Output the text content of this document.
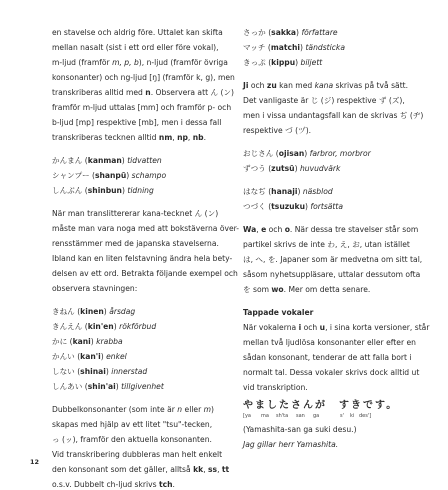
en stavelse och aldrig före. Uttalet kan skifta
mellan nasalt (sist i ett ord eller före vokal),
m-ljud (framför m, p, b), n-ljud (framför övriga
konsonanter) och ng-ljud [ŋ] (framför k, g), men
transkriberas alltid med n. Observera att ん (ン)
framför m-ljud uttalas [mm] och framför p- och
b-ljud [mp] respektive [mb], men i dessa fall
transkriberas tecknen alltid nm, np, nb.
かんまん (kanman) tidvatten
シャンプー (shanpū) schampo
しんぶん (shinbun) tidning
När man translittererar kana-tecknet ん (ン)
måste man vara noga med att bokstäverna över-
rensstämmer med de japanska stavelserna.
Ibland kan en liten felstavning ändra hela bety-
delsen av ett ord. Betrakta följande exempel och
observera stavningen:
きねん (kinen) årsdag
きんえん (kin'en) rökförbud
かに (kani) krabba
かんい (kan'i) enkel
しない (shinai) innerstad
しんあい (shin'ai) tillgivenhet
Dubbelkonsonanter (som inte är n eller m)
skapas med hjälp av ett litet "tsu"-tecken,
っ (ッ), framför den aktuella konsonanten.
Vid transkribering dubbleras man helt enkelt
den konsonant som det gäller, alltså kk, ss, tt
o.s.v. Dubbelt ch-ljud skrivs tch.
やましたさんが　すきです。
[ya ma sh'ta san ga	s' ki des']
さっか (sakka) författare
マッチ (matchi) tändsticka
きっぷ (kippu) biljett
Ji och zu kan med kana skrivas på två sätt.
Det vanligaste är じ (ジ) respektive ず (ズ),
men i vissa undantagsfall kan de skrivas ぢ (ヂ)
respektive づ (ヅ).
おじさん (ojisan) farbror, morbror
ずつう (zutsū) huvudvärk
はなぢ (hanaji) näsblod
つづく (tsuzuku) fortsätta
Wa, e och o. När dessa tre stavelser står som
partikel skrivs de inte わ, え, お, utan istället
は, へ, を. Japaner som är medvetna om sitt tal,
såsom nyhetsuppläsare, uttalar dessutom ofta
を som wo. Mer om detta senare.
Tappade vokaler
När vokalerna i och u, i sina korta versioner, står
mellan två ljudlösa konsonanter eller efter en
sådan konsonant, tenderar de att falla bort i
normalt tal. Dessa vokaler skrivs dock alltid ut
vid transkription.
(Yamashita-san ga suki desu.)
Jag gillar herr Yamashita.
12
